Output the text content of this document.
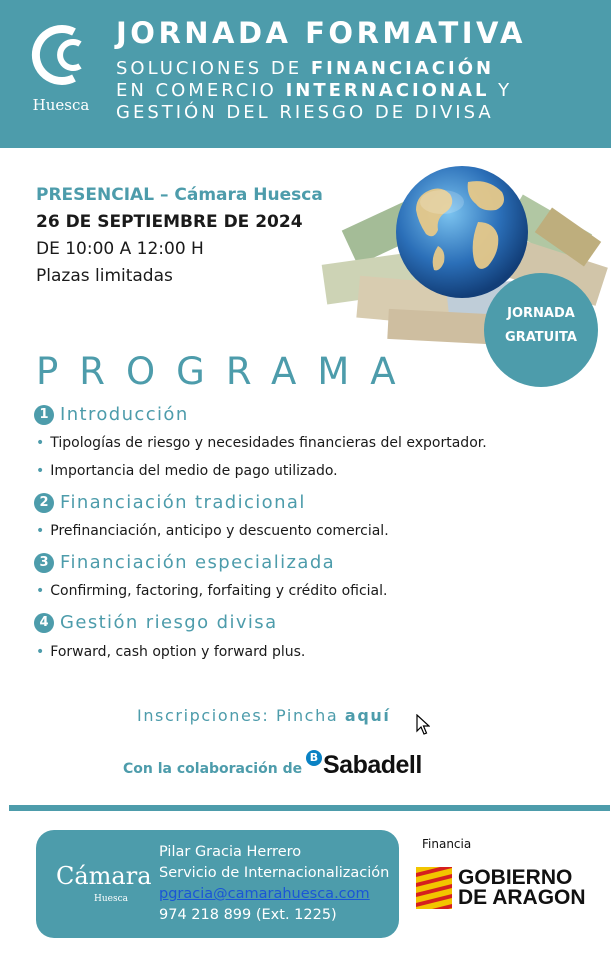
Huesca
JORNADA FORMATIVA
SOLUCIONES DE FINANCIACIÓN
EN COMERCIO INTERNACIONAL Y
GESTIÓN DEL RIESGO DE DIVISA
PRESENCIAL – Cámara Huesca
26 DE SEPTIEMBRE DE 2024
DE 10:00 A 12:00 H
Plazas limitadas
JORNADA
GRATUITA
PROGRAMA
1 Introducción
• Tipologías de riesgo y necesidades financieras del exportador.
• Importancia del medio de pago utilizado.
2 Financiación tradicional
• Prefinanciación, anticipo y descuento comercial.
3 Financiación especializada
• Confirming, factoring, forfaiting y crédito oficial.
4 Gestión riesgo divisa
• Forward, cash option y forward plus.
Inscripciones: Pincha aquí
Con la colaboración de
B Sabadell
Cámara
Huesca
Pilar Gracia Herrero
Servicio de Internacionalización
pgracia@camarahuesca.com
974 218 899 (Ext. 1225)
Financia
GOBIERNO
DE ARAGON
